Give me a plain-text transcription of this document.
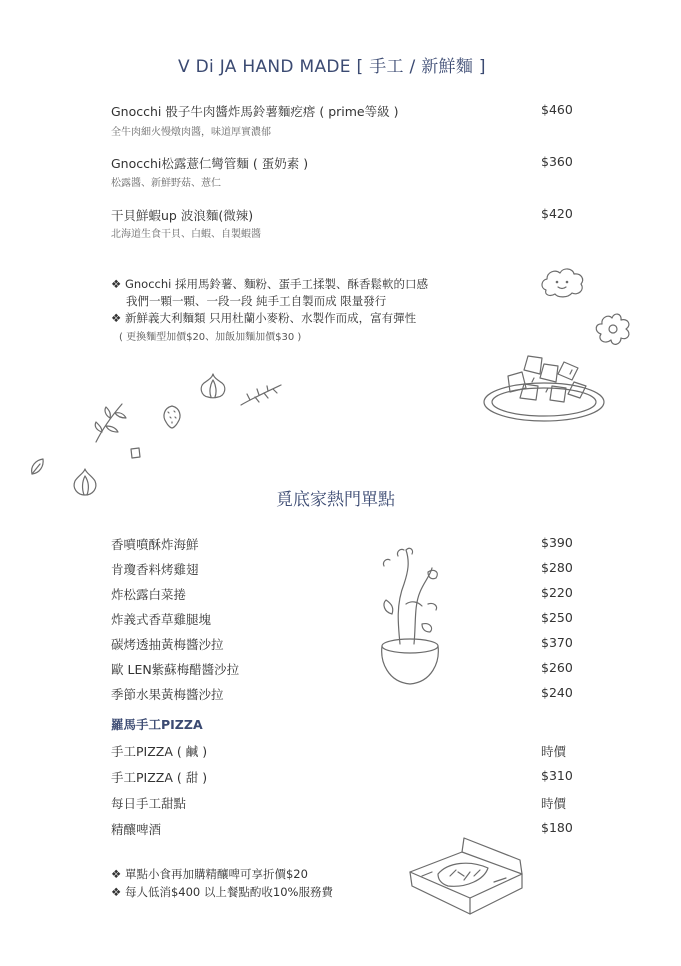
V Di JA HAND MADE [ 手工 / 新鮮麵 ]
Gnocchi 骰子牛肉醬炸馬鈴薯麵疙瘩 ( prime等級 )
全牛肉細火慢燉肉醬，味道厚實濃郁
$460
Gnocchi松露薏仁彎管麵 ( 蛋奶素 )
松露醬、新鮮野菇、薏仁
$360
干貝鮮蝦up 波浪麵(微辣)
北海道生食干貝、白蝦、自製蝦醬
$420
❖ Gnocchi 採用馬鈴薯、麵粉、蛋手工揉製、酥香鬆軟的口感
我們一顆一顆、一段一段 純手工自製而成 限量發行
❖ 新鮮義大利麵類 只用杜蘭小麥粉、水製作而成，富有彈性
( 更換麵型加價$20、加飯加麵加價$30 )
覓底家熱門單點
香噴噴酥炸海鮮	$390
肯瓊香料烤雞翅	$280
炸松露白菜捲	$220
炸義式香草雞腿塊	$250
碳烤透抽黃梅醬沙拉	$370
歐 LEN紫蘇梅醋醬沙拉	$260
季節水果黃梅醬沙拉	$240
羅馬手工PIZZA
手工PIZZA ( 鹹 )	時價
手工PIZZA ( 甜 )	$310
每日手工甜點	時價
精釀啤酒	$180
❖ 單點小食再加購精釀啤可享折價$20
❖ 每人低消$400 以上餐點酌收10%服務費
